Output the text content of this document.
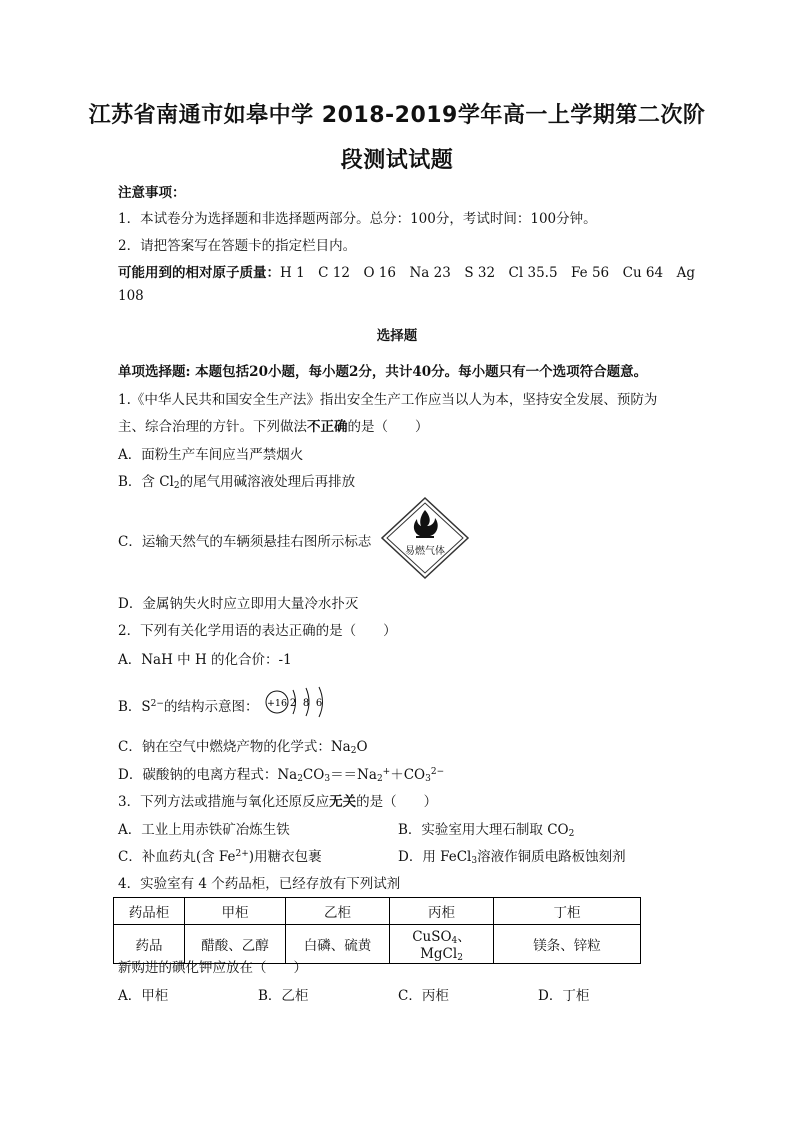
江苏省南通市如皋中学 2018-2019学年高一上学期第二次阶
段测试试题
注意事项：
1．本试卷分为选择题和非选择题两部分。总分：100分，考试时间：100分钟。
2．请把答案写在答题卡的指定栏目内。
可能用到的相对原子质量：H 1　C 12　O 16　Na 23　S 32　Cl 35.5　Fe 56　Cu 64　Ag
108
选择题
单项选择题: 本题包括20小题，每小题2分，共计40分。每小题只有一个选项符合题意。
1.《中华人民共和国安全生产法》指出安全生产工作应当以人为本，坚持安全发展、预防为
主、综合治理的方针。下列做法不正确的是（　　）
A．面粉生产车间应当严禁烟火
B．含 $Cl_2$的尾气用碱溶液处理后再排放
C．运输天然气的车辆须悬挂右图所示标志
易燃气体
D．金属钠失火时应立即用大量冷水扑灭
2．下列有关化学用语的表达正确的是（　　）
A．NaH 中 H 的化合价：-1
B．$S^{2-}$的结构示意图： +16 2 8 6
C．钠在空气中燃烧产物的化学式：$Na_2O$
D．碳酸钠的电离方程式：$Na_2CO_3==Na_2^++CO_3^{2-}$
3．下列方法或措施与氧化还原反应无关的是（　　）
A．工业上用赤铁矿冶炼生铁	B．实验室用大理石制取 $CO_2$
C．补血药丸(含 $Fe^{2+}$)用糖衣包裹	D．用 FeCl$_3$溶液作铜质电路板蚀刻剂
4．实验室有 4 个药品柜，已经存放有下列试剂
药品柜	甲柜	乙柜	丙柜	丁柜
药品	醋酸、乙醇	白磷、硫黄	CuSO$_4$、MgCl$_2$	镁条、锌粒
新购进的碘化钾应放在（　　）
A．甲柜	B．乙柜	C．丙柜	D．丁柜
